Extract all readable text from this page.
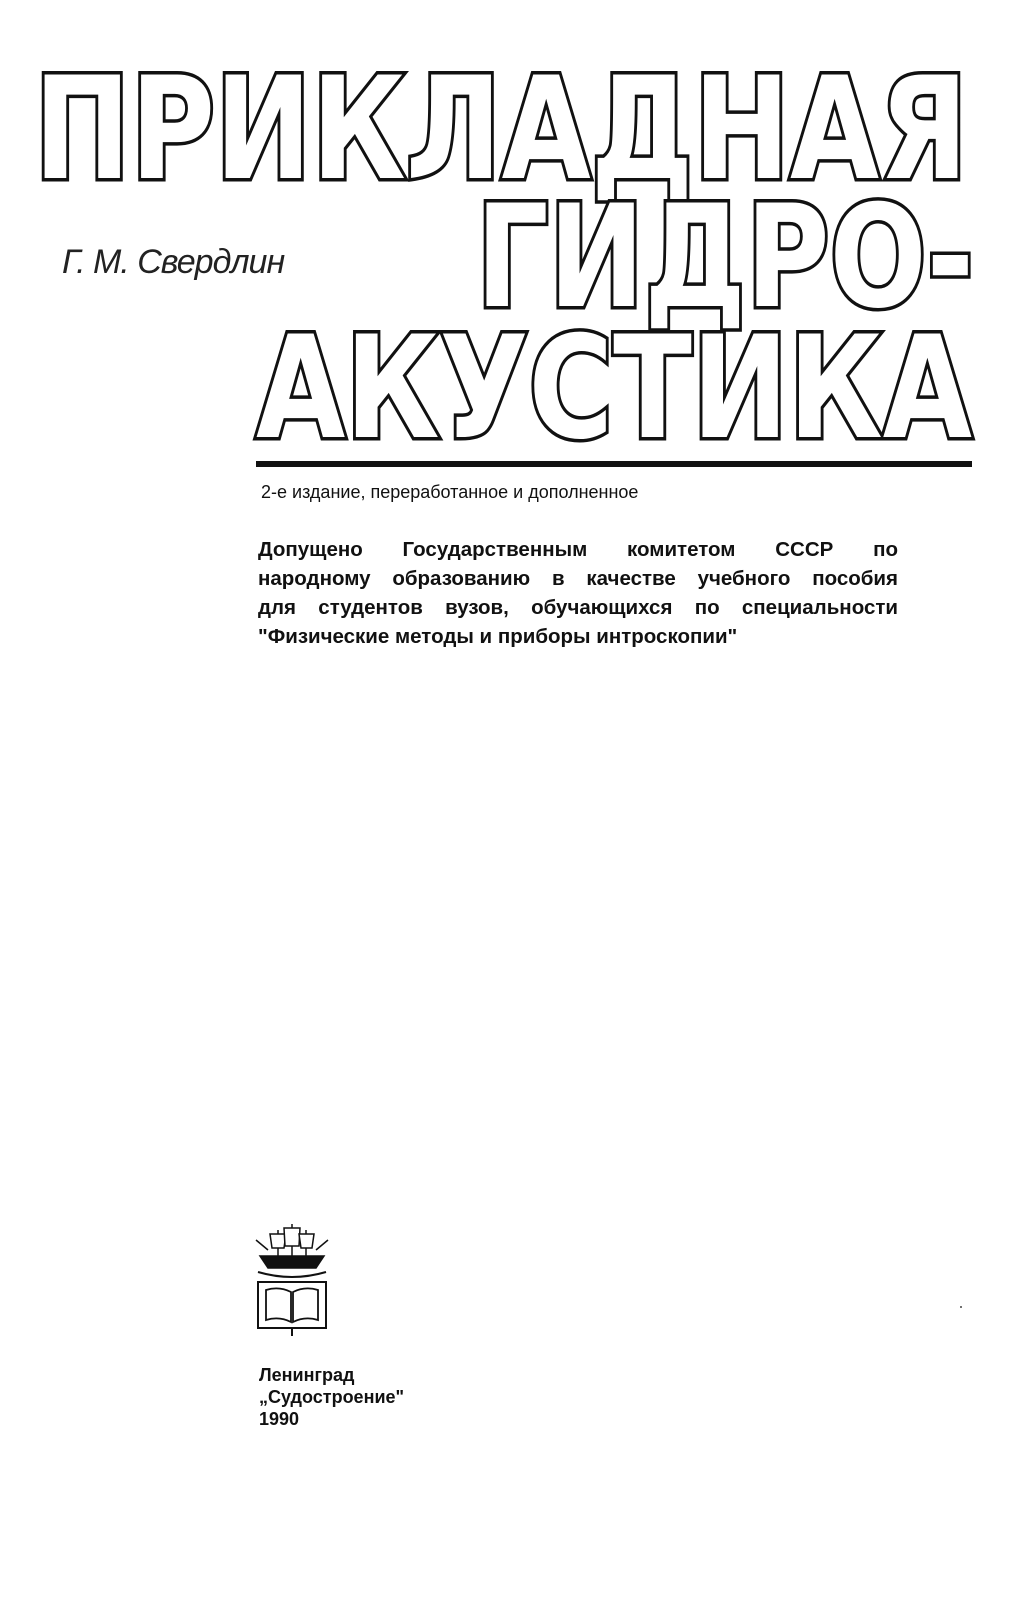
ПРИКЛАДНАЯ
ГИДРО-
АКУСТИКА
Г. М. Свердлин
2-е издание, переработанное и дополненное
Допущено Государственным комитетом СССР по
народному образованию в качестве учебного пособия
для студентов вузов, обучающихся по специальности
"Физические методы и приборы интроскопии"
Ленинград
„Судостроение"
1990
